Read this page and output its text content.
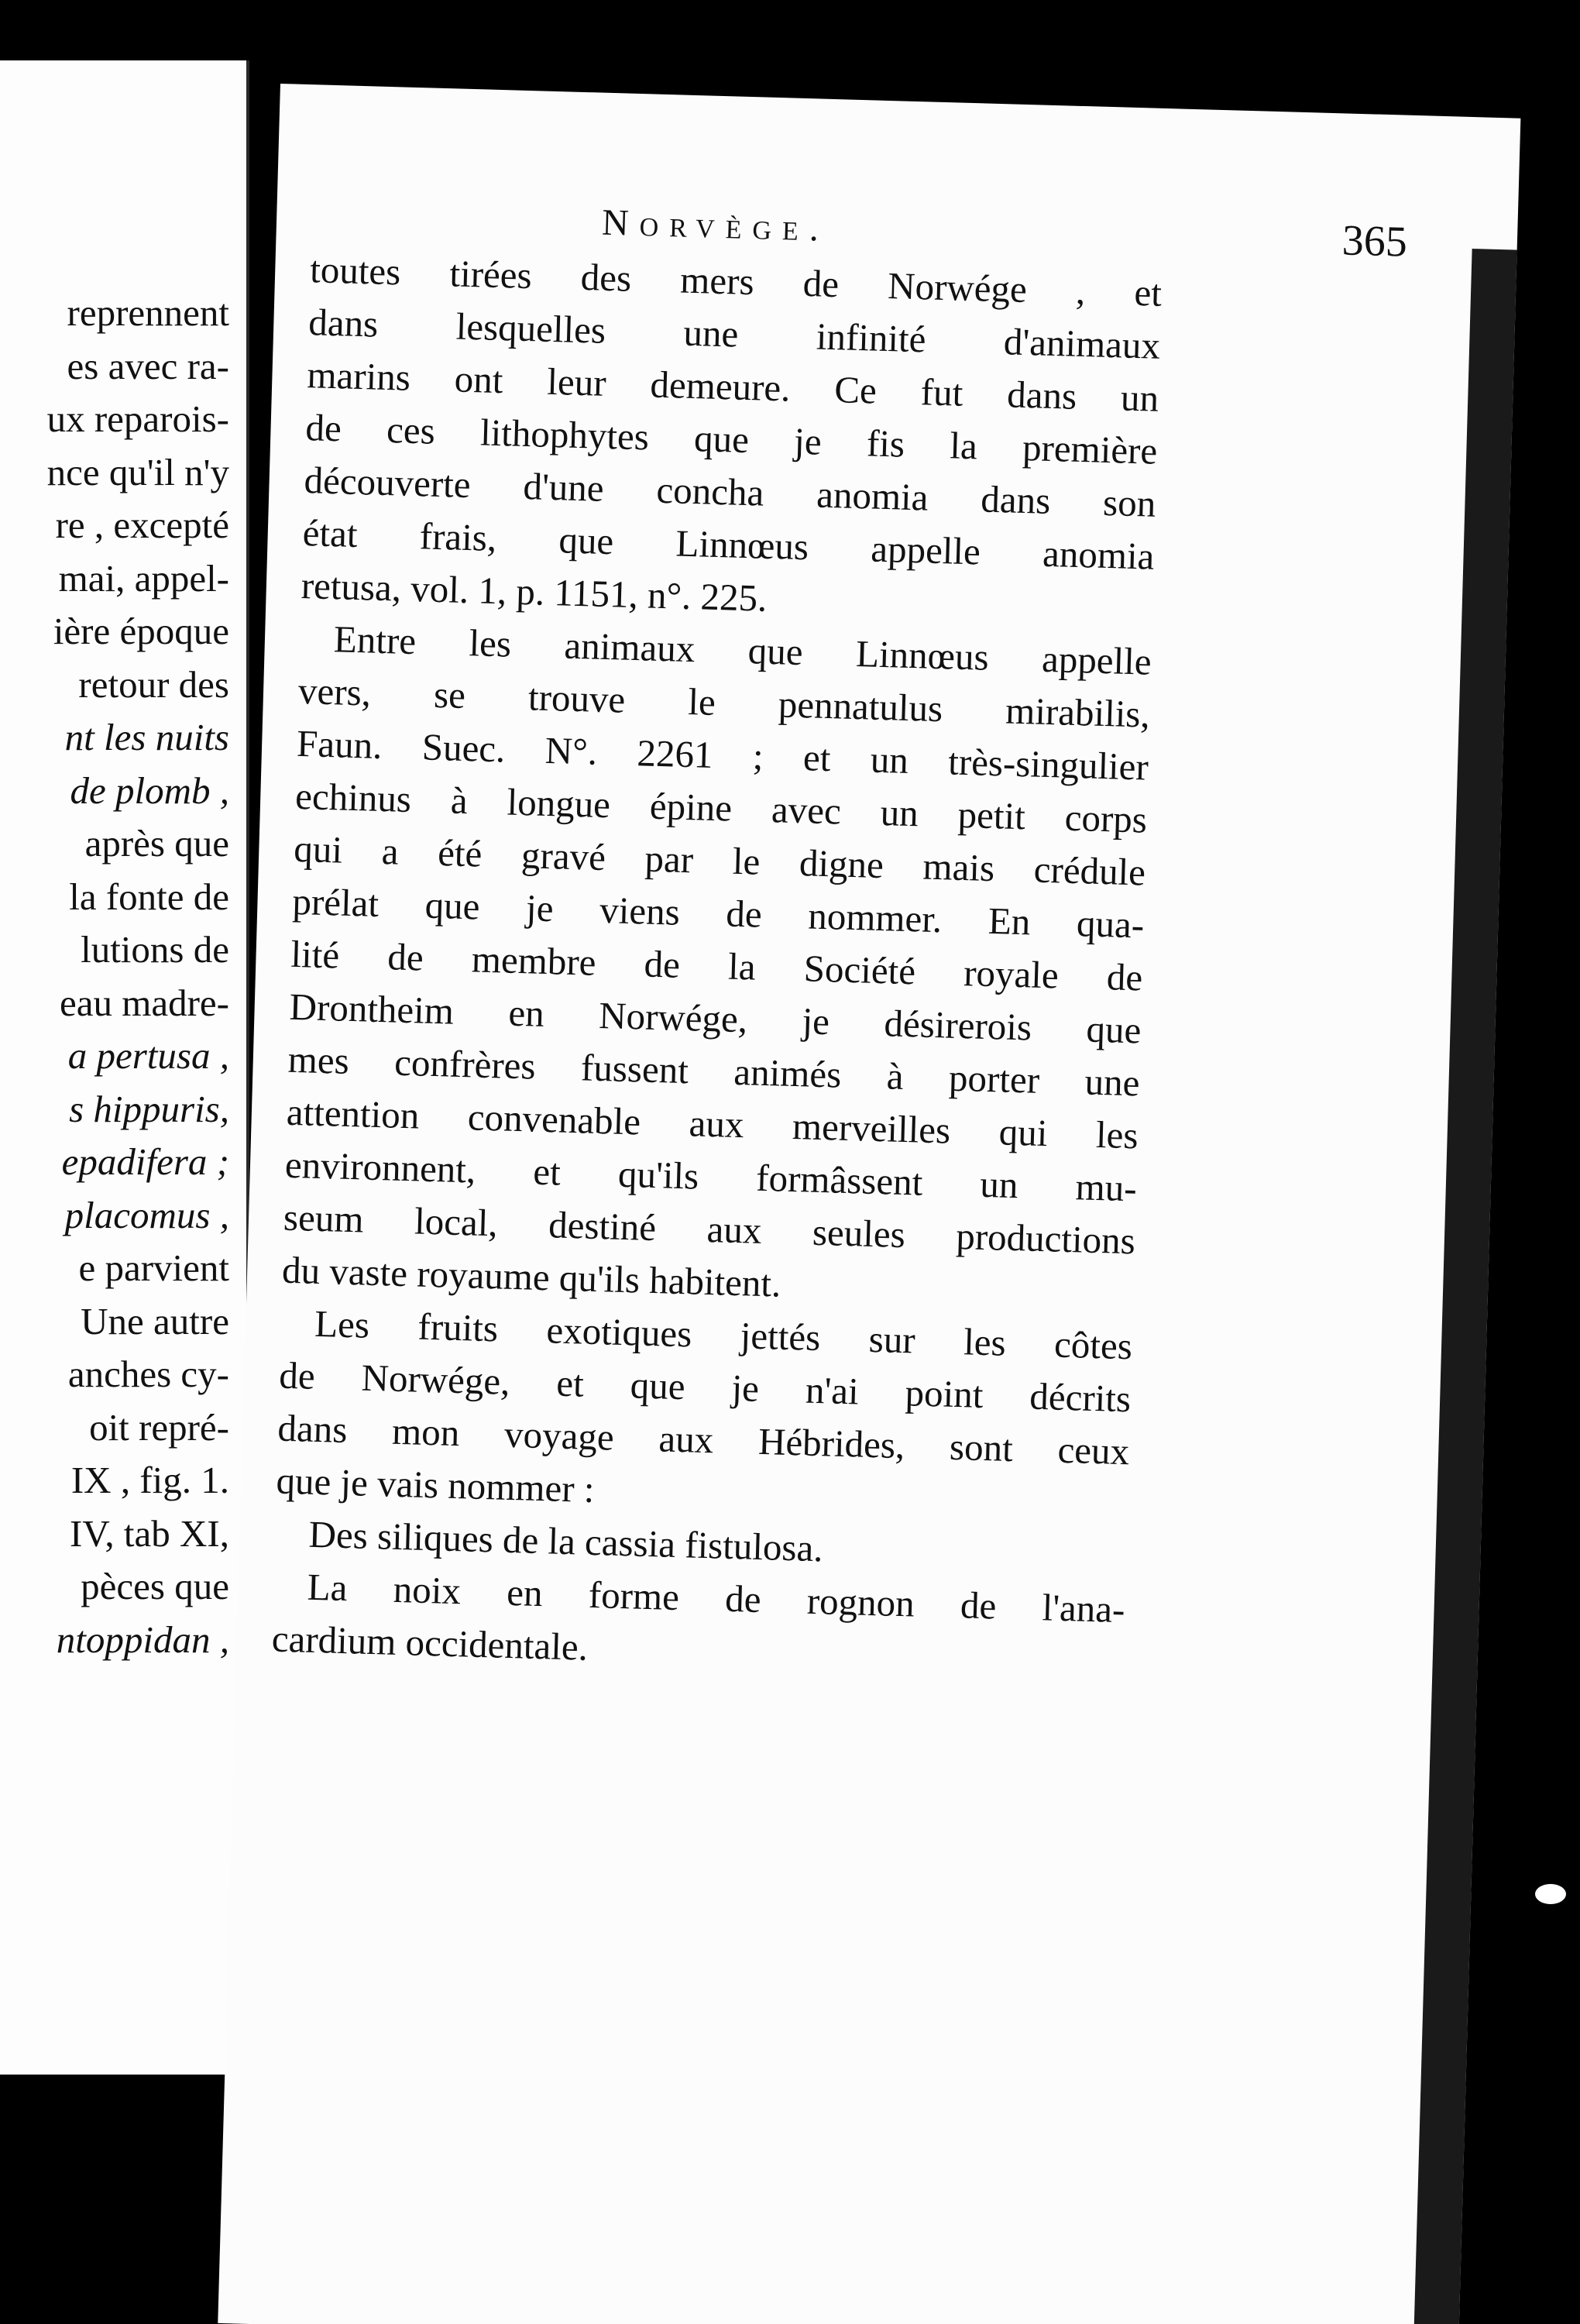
reprennent
es avec ra-
ux reparois-
nce qu'il n'y
re , excepté
mai, appel-
ière époque
retour des
nt les nuits
de plomb ,
après que
la fonte de
lutions de
eau madre-
a pertusa ,
s hippuris,
epadifera ;
placomus ,
e parvient
Une autre
anches cy-
oit repré-
IX , fig. 1.
IV, tab XI,
pèces que
ntoppidan ,
Norvège.	365
toutes tirées des mers de Norwége , et
dans lesquelles une infinité d'animaux
marins ont leur demeure. Ce fut dans un
de ces lithophytes que je fis la première
découverte d'une concha anomia dans son
état frais, que Linnœus appelle anomia
retusa, vol. 1, p. 1151, n°. 225.
Entre les animaux que Linnœus appelle
vers, se trouve le pennatulus mirabilis,
Faun. Suec. N°. 2261 ; et un très-singulier
echinus à longue épine avec un petit corps
qui a été gravé par le digne mais crédule
prélat que je viens de nommer. En qua-
lité de membre de la Société royale de
Drontheim en Norwége, je désirerois que
mes confrères fussent animés à porter une
attention convenable aux merveilles qui les
environnent, et qu'ils formâssent un mu-
seum local, destiné aux seules productions
du vaste royaume qu'ils habitent.
Les fruits exotiques jettés sur les côtes
de Norwége, et que je n'ai point décrits
dans mon voyage aux Hébrides, sont ceux
que je vais nommer :
Des siliques de la cassia fistulosa.
La noix en forme de rognon de l'ana-
cardium occidentale.
